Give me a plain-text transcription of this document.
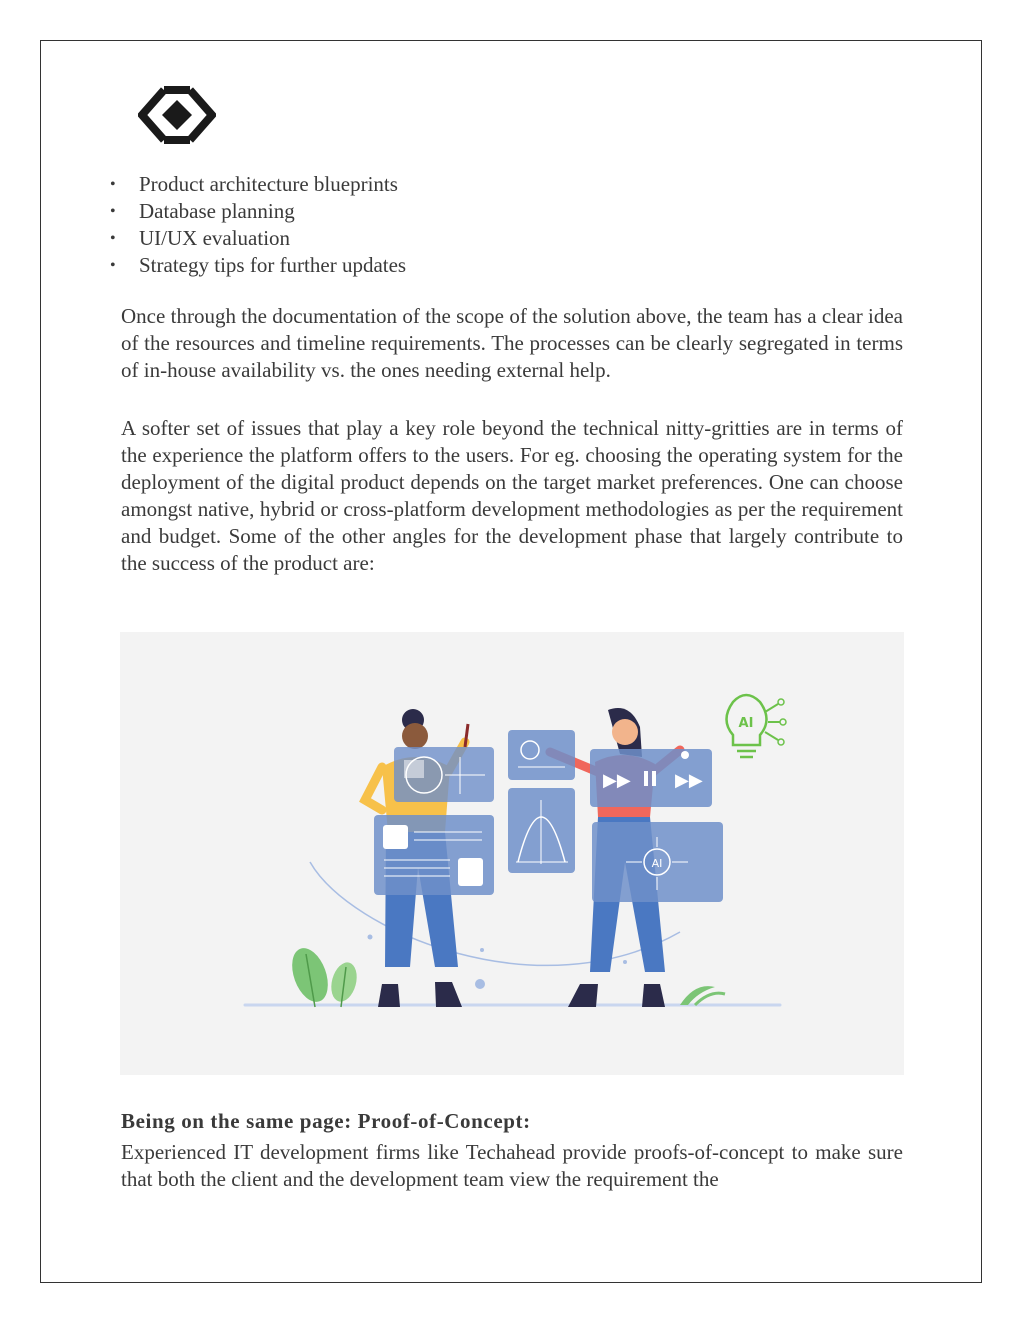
• Product architecture blueprints
• Database planning
• UI/UX evaluation
• Strategy tips for further updates

Once through the documentation of the scope of the solution above, the team has a clear idea of the resources and timeline requirements. The processes can be clearly segregated in terms of in-house availability vs. the ones needing external help.

A softer set of issues that play a key role beyond the technical nitty-gritties are in terms of the experience the platform offers to the users. For eg. choosing the operating system for the deployment of the digital product depends on the target market preferences. One can choose amongst native, hybrid or cross-platform development methodologies as per the requirement and budget. Some of the other angles for the development phase that largely contribute to the success of the product are:

▶▶ ▶▶
AI
AI
Being on the same page: Proof-of-Concept:

Experienced IT development firms like Techahead provide proofs-of-concept to make sure that both the client and the development team view the requirement the
